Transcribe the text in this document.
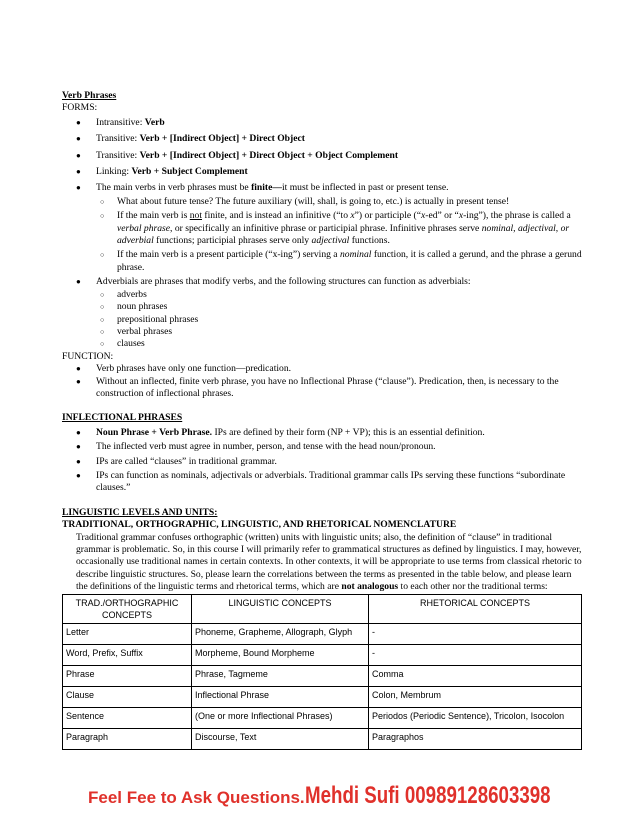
Verb Phrases
FORMS:
● Intransitive: Verb
● Transitive: Verb + [Indirect Object] + Direct Object
● Transitive: Verb + [Indirect Object] + Direct Object + Object Complement
● Linking: Verb + Subject Complement
● The main verbs in verb phrases must be finite—it must be inflected in past or present tense.
○ What about future tense? The future auxiliary (will, shall, is going to, etc.) is actually in present tense!
○ If the main verb is not finite, and is instead an infinitive (“to x”) or participle (“x-ed” or “x-ing”), the phrase is called a verbal phrase, or specifically an infinitive phrase or participial phrase. Infinitive phrases serve nominal, adjectival, or adverbial functions; participial phrases serve only adjectival functions.
○ If the main verb is a present participle (“x-ing”) serving a nominal function, it is called a gerund, and the phrase a gerund phrase.
● Adverbials are phrases that modify verbs, and the following structures can function as adverbials:
○ adverbs
○ noun phrases
○ prepositional phrases
○ verbal phrases
○ clauses
FUNCTION:
● Verb phrases have only one function—predication.
● Without an inflected, finite verb phrase, you have no Inflectional Phrase (“clause”). Predication, then, is necessary to the construction of inflectional phrases.
INFLECTIONAL PHRASES
● Noun Phrase + Verb Phrase. IPs are defined by their form (NP + VP); this is an essential definition.
● The inflected verb must agree in number, person, and tense with the head noun/pronoun.
● IPs are called “clauses” in traditional grammar.
● IPs can function as nominals, adjectivals or adverbials. Traditional grammar calls IPs serving these functions “subordinate clauses.”
LINGUISTIC LEVELS AND UNITS:
TRADITIONAL, ORTHOGRAPHIC, LINGUISTIC, AND RHETORICAL NOMENCLATURE
Traditional grammar confuses orthographic (written) units with linguistic units; also, the definition of “clause” in traditional grammar is problematic. So, in this course I will primarily refer to grammatical structures as defined by linguistics. I may, however, occasionally use traditional names in certain contexts. In other contexts, it will be appropriate to use terms from classical rhetoric to describe linguistic structures. So, please learn the correlations between the terms as presented in the table below, and please learn the definitions of the linguistic terms and rhetorical terms, which are not analogous to each other nor the traditional terms:
TRAD./ORTHOGRAPHIC CONCEPTS	LINGUISTIC CONCEPTS	RHETORICAL CONCEPTS
Letter	Phoneme, Grapheme, Allograph, Glyph	-
Word, Prefix, Suffix	Morpheme, Bound Morpheme	-
Phrase	Phrase, Tagmeme	Comma
Clause	Inflectional Phrase	Colon, Membrum
Sentence	(One or more Inflectional Phrases)	Periodos (Periodic Sentence), Tricolon, Isocolon
Paragraph	Discourse, Text	Paragraphos
Feel Fee to Ask Questions.Mehdi Sufi 00989128603398
